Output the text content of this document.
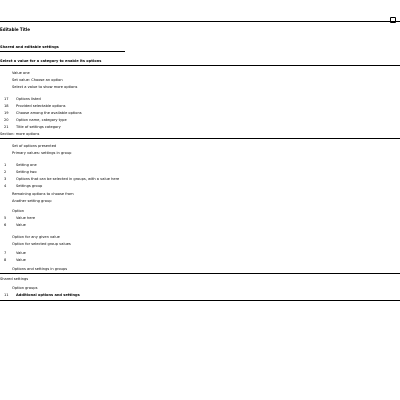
Editable Title
Shared and editable settings
Select a value for a category to enable its options
Value one
Set value: Choose an option
Select a value to show more options
17 Options listed
18 Provided selectable options
19 Choose among the available options
20 Option name, category type
21 Title of settings category
Section: more options
Set of options presented
Primary values: settings in group
1	Setting one
2	Setting two
3	Options that can be selected in groups, with a value here
4	Settings group
Remaining options to choose from
Another setting group
Option
5	Value here
6	Value
Option for any given value
Option for selected group values
7	Value
8	Value
Options and settings in groups
Shared settings
Option groups
11 Additional options and settings
